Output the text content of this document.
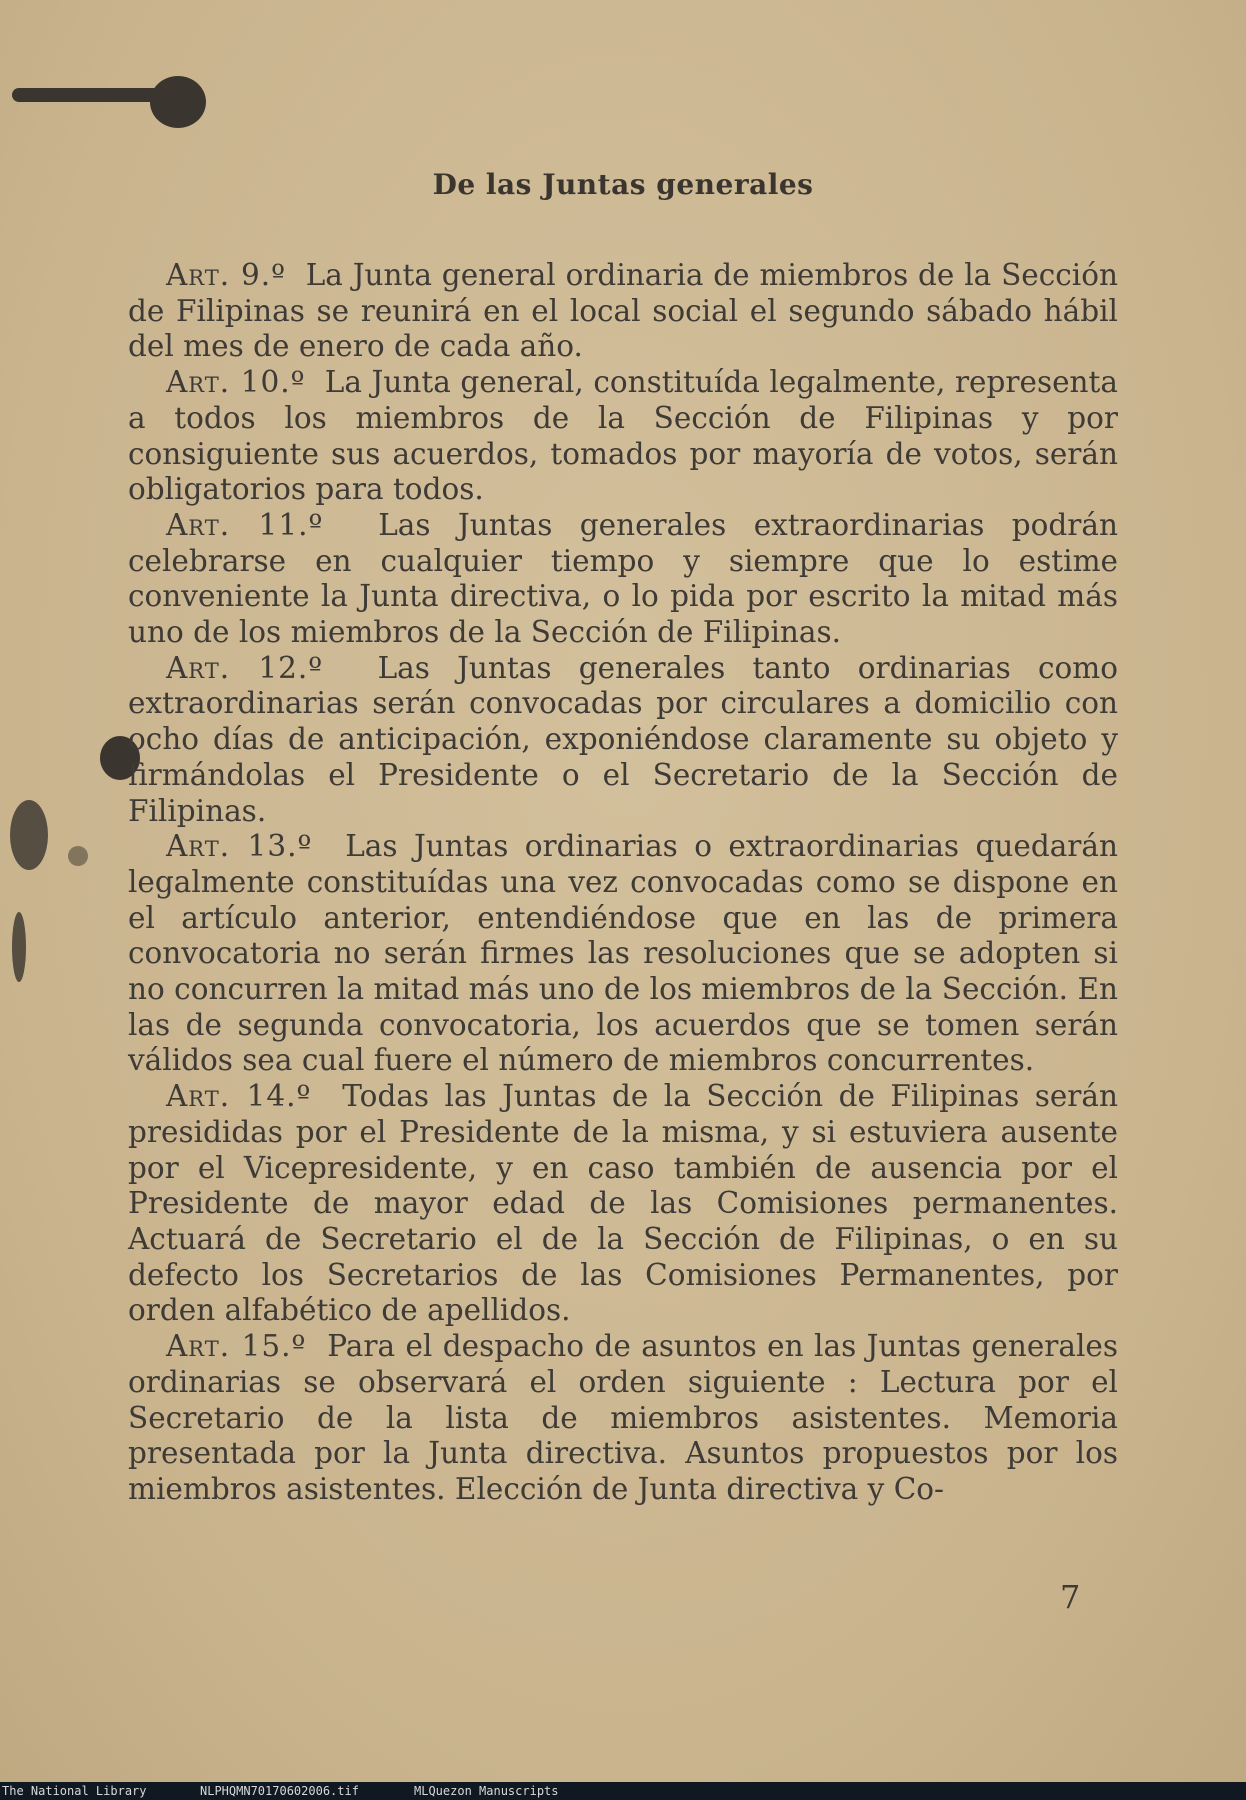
De las Juntas generales

Art. 9.º La Junta general ordinaria de miembros de la Sección de Filipinas se reunirá en el local social el segundo sábado hábil del mes de enero de cada año.

Art. 10.º La Junta general, constituída legalmente, representa a todos los miembros de la Sección de Filipinas y por consiguiente sus acuerdos, tomados por mayoría de votos, serán obligatorios para todos.

Art. 11.º Las Juntas generales extraordinarias podrán celebrarse en cualquier tiempo y siempre que lo estime conveniente la Junta directiva, o lo pida por escrito la mitad más uno de los miembros de la Sección de Filipinas.

Art. 12.º Las Juntas generales tanto ordinarias como extraordinarias serán convocadas por circulares a domicilio con ocho días de anticipación, exponiéndose claramente su objeto y firmándolas el Presidente o el Secretario de la Sección de Filipinas.

Art. 13.º Las Juntas ordinarias o extraordinarias quedarán legalmente constituídas una vez convocadas como se dispone en el artículo anterior, entendiéndose que en las de primera convocatoria no serán firmes las resoluciones que se adopten si no concurren la mitad más uno de los miembros de la Sección. En las de segunda convocatoria, los acuerdos que se tomen serán válidos sea cual fuere el número de miembros concurrentes.

Art. 14.º Todas las Juntas de la Sección de Filipinas serán presididas por el Presidente de la misma, y si estuviera ausente por el Vicepresidente, y en caso también de ausencia por el Presidente de mayor edad de las Comisiones permanentes. Actuará de Secretario el de la Sección de Filipinas, o en su defecto los Secretarios de las Comisiones Permanentes, por orden alfabético de apellidos.

Art. 15.º Para el despacho de asuntos en las Juntas generales ordinarias se observará el orden siguiente : Lectura por el Secretario de la lista de miembros asistentes. Memoria presentada por la Junta directiva. Asuntos propuestos por los miembros asistentes. Elección de Junta directiva y Co-

7
The National Library	NLPHQMN70170602006.tif	MLQuezon Manuscripts
